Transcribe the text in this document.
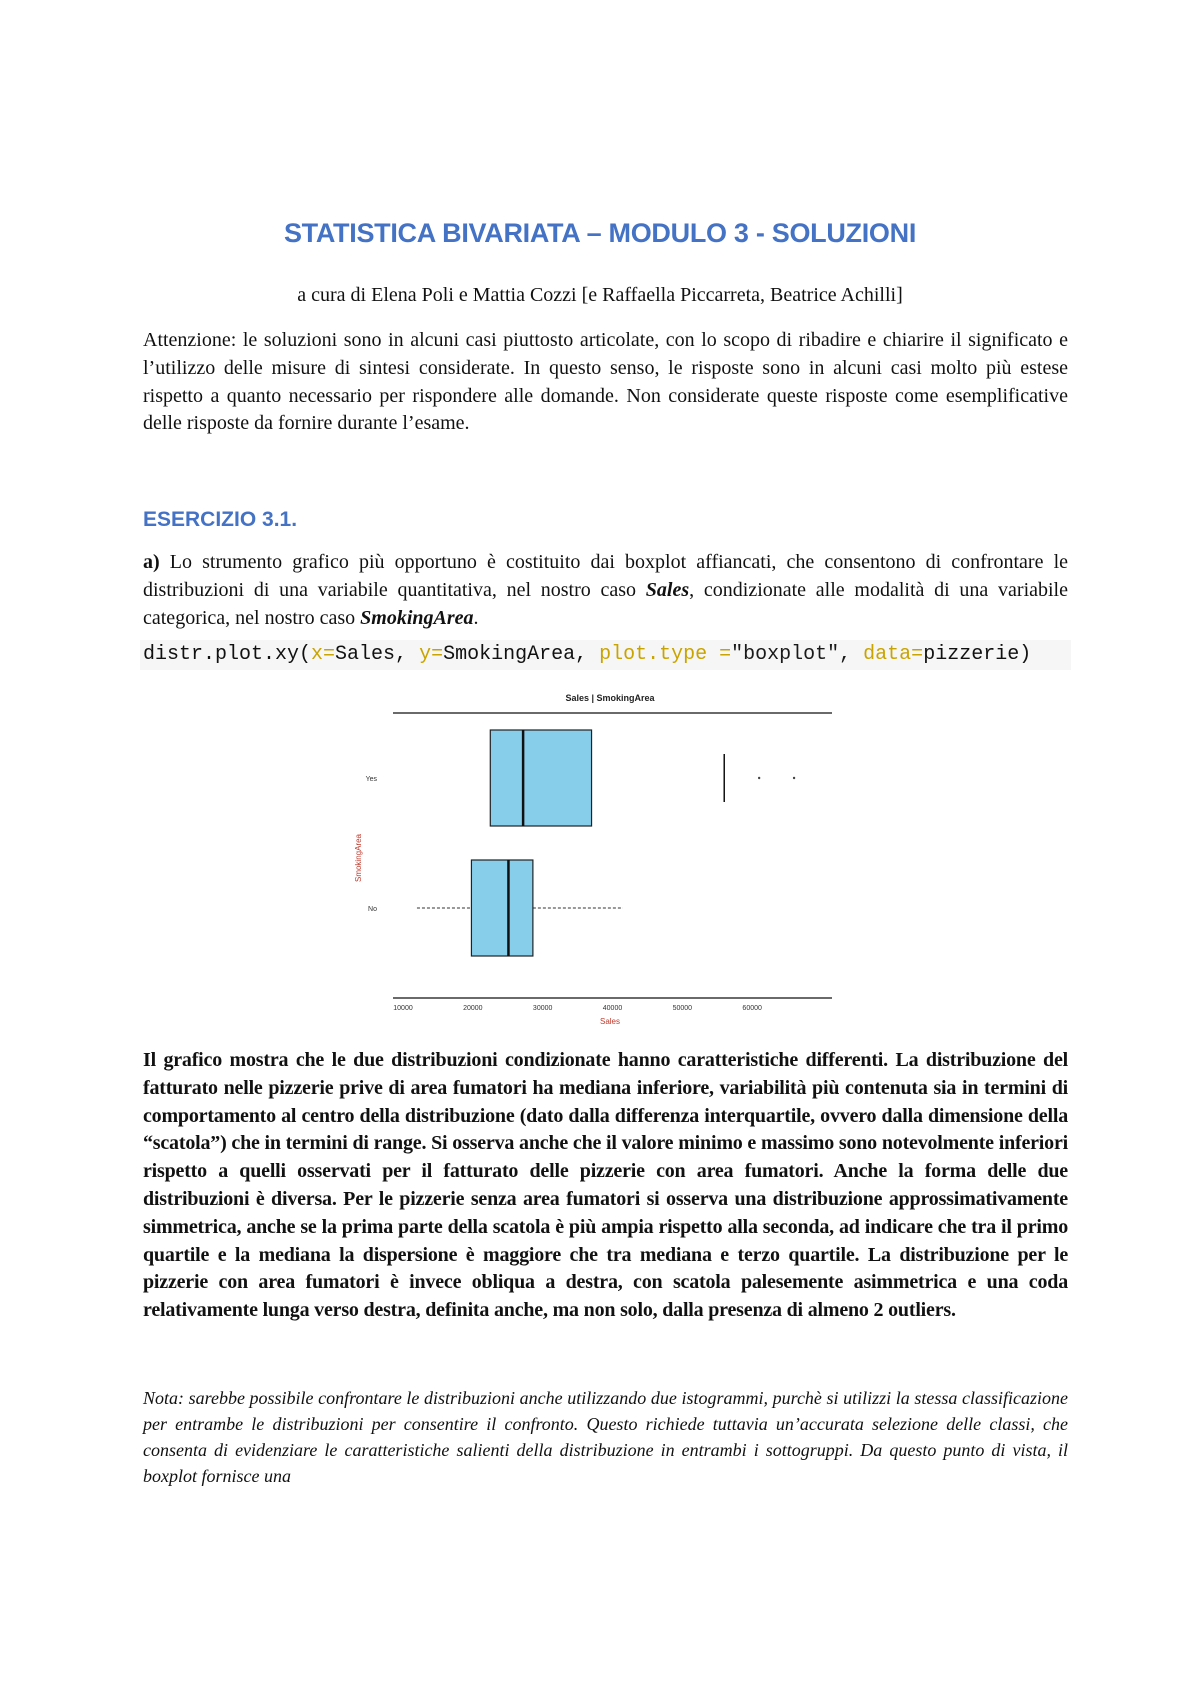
STATISTICA BIVARIATA – MODULO 3 - SOLUZIONI

a cura di Elena Poli e Mattia Cozzi [e Raffaella Piccarreta, Beatrice Achilli]

Attenzione: le soluzioni sono in alcuni casi piuttosto articolate, con lo scopo di ribadire e chiarire il significato e l’utilizzo delle misure di sintesi considerate. In questo senso, le risposte sono in alcuni casi molto più estese rispetto a quanto necessario per rispondere alle domande. Non considerate queste risposte come esemplificative delle risposte da fornire durante l’esame.

ESERCIZIO 3.1.

a) Lo strumento grafico più opportuno è costituito dai boxplot affiancati, che consentono di confrontare le distribuzioni di una variabile quantitativa, nel nostro caso Sales, condizionate alle modalità di una variabile categorica, nel nostro caso SmokingArea.

distr.plot.xy(x=Sales, y=SmokingArea, plot.type ="boxplot", data=pizzerie)
Sales | SmokingArea
SmokingArea
Sales
Yes
No
10000	20000	30000	40000	50000	60000

Il grafico mostra che le due distribuzioni condizionate hanno caratteristiche differenti. La distribuzione del fatturato nelle pizzerie prive di area fumatori ha mediana inferiore, variabilità più contenuta sia in termini di comportamento al centro della distribuzione (dato dalla differenza interquartile, ovvero dalla dimensione della “scatola”) che in termini di range. Si osserva anche che il valore minimo e massimo sono notevolmente inferiori rispetto a quelli osservati per il fatturato delle pizzerie con area fumatori. Anche la forma delle due distribuzioni è diversa. Per le pizzerie senza area fumatori si osserva una distribuzione approssimativamente simmetrica, anche se la prima parte della scatola è più ampia rispetto alla seconda, ad indicare che tra il primo quartile e la mediana la dispersione è maggiore che tra mediana e terzo quartile. La distribuzione per le pizzerie con area fumatori è invece obliqua a destra, con scatola palesemente asimmetrica e una coda relativamente lunga verso destra, definita anche, ma non solo, dalla presenza di almeno 2 outliers.

Nota: sarebbe possibile confrontare le distribuzioni anche utilizzando due istogrammi, purchè si utilizzi la stessa classificazione per entrambe le distribuzioni per consentire il confronto. Questo richiede tuttavia un’accurata selezione delle classi, che consenta di evidenziare le caratteristiche salienti della distribuzione in entrambi i sottogruppi. Da questo punto di vista, il boxplot fornisce una
